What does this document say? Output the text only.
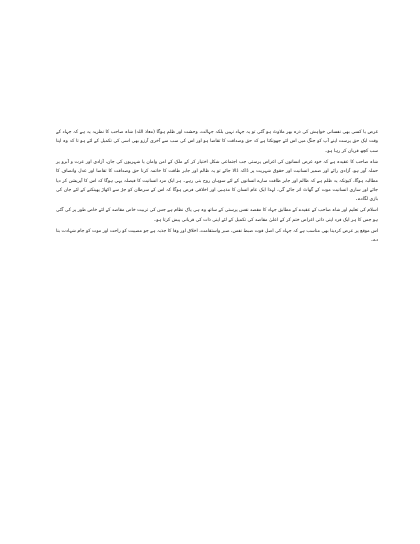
غرض یا کسی بھی نفسانی خواہش کی ذرہ بھر ملاوٹ ہو گئی تو یہ جہاد نہیں بلکہ جہالت، وحشت اور ظلم ہوگا (معاذ اللہ) شاہ صاحب کا نظریہ یہ ہے کہ جہاد کے وقت ایک حق پرست اپنے آپ کو جنگ میں اس لئے جھونکتا ہے کہ حق وصداقت کا تقاضا ہو اور اس کی سب سے آخری آرزو بھی اسی کی تکمیل کے لئے ہو تا کہ وہ اپنا سب کچھ قربان کر رہا ہو۔

شاہ صاحب کا عقیدہ ہے کہ خود غرض انسانوں کی اغراض پرستی جب اجتماعی شکل اختیار کر کے ملک کے امن وامان یا شہریوں کی جان، آزادی اور عزت و آبرو پر حملہ آور ہو، آزادی رائے اور ضمیر انسانیت اور حقوق شہریت پر ڈاکہ ڈالا جائے تو یہ ظالم اور جابر طاقت کا خاتمہ کرنا حق وصداقت کا تقاضا اور عدل وانصاف کا مطالبہ ہوگا، کیونکہ یہ ظلم ہے کہ ظالم اور جابر طاقت سارے انسانوں کے لئے سوہان روح بنی رہے۔ ہر ایک مرد انسانیت کا فیصلہ یہی ہوگا کہ اس کا آپریشن کر دیا جائے اور ساری انسانیت موت کے گھاٹ اتر جائے گی، لہذا ایک عام انسان کا مذہبی اور اخلاقی فرض ہوگا کہ اس کے سرطان کو جڑ سے اکھاڑ پھینکنے کے لئے جان کی بازی لگادے۔

اسلام کی تعلیم اور شاہ صاحب کے عقیدے کے مطابق جہاد کا مقصد نفس پرستی کے ساتھ وہ ہی پاک نظام ہے جس کی تربیت خاص مقاصد کے لئے خاص طور پر کی گئی ہو جس کا ہر ایک فرد اپنی ذاتی اغراض ختم کر کے اعلیٰ مقاصد کی تکمیل کے لئے اپنی ذات کی قربانی پیش کرتا ہو۔

اس موقع پر عرض کردینا بھی مناسب ہے کہ جہاد کی اصل قوت ضبط نفس، صبر واستقامت، اخلاق اور وفا کا جذبہ ہے جو مصیبت کو راحت اور موت کو جام شہادت بنا دے۔
